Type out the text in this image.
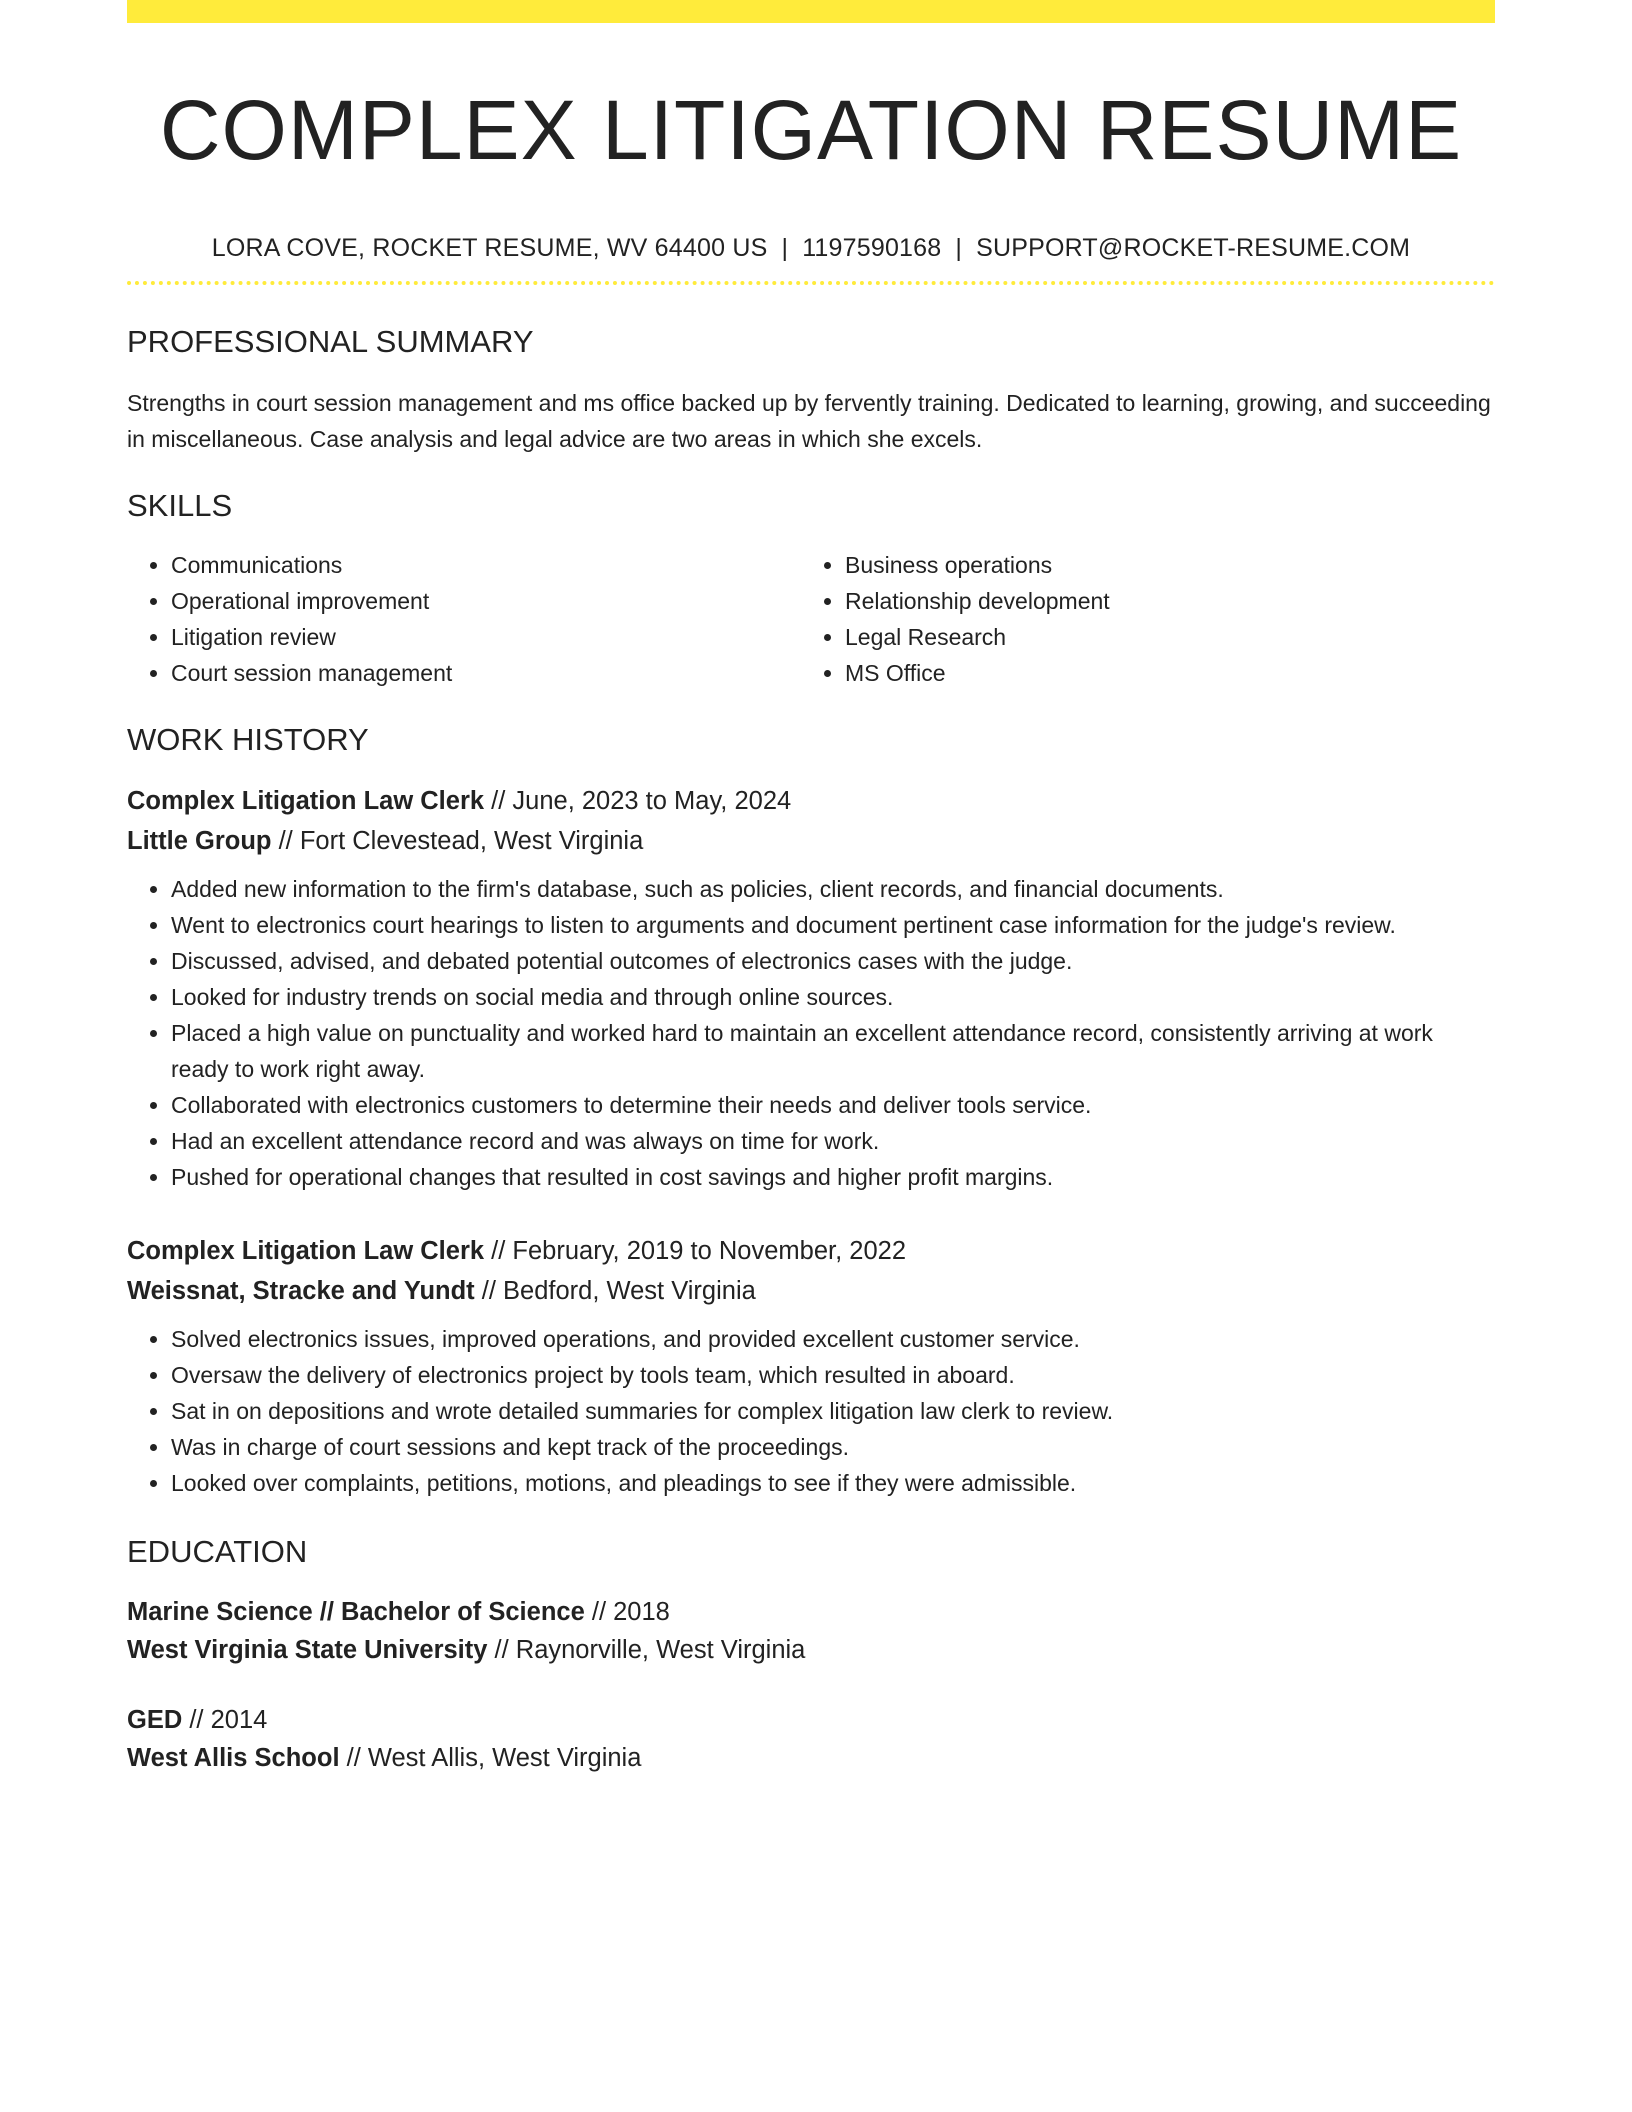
COMPLEX LITIGATION RESUME
LORA COVE, ROCKET RESUME, WV 64400 US | 1197590168 | SUPPORT@ROCKET-RESUME.COM
PROFESSIONAL SUMMARY

Strengths in court session management and ms office backed up by fervently training. Dedicated to learning, growing, and succeeding in miscellaneous. Case analysis and legal advice are two areas in which she excels.

SKILLS
• Communications
• Operational improvement
• Litigation review
• Court session management
• Business operations
• Relationship development
• Legal Research
• MS Office
WORK HISTORY
Complex Litigation Law Clerk // June, 2023 to May, 2024
Little Group // Fort Clevestead, West Virginia
• Added new information to the firm's database, such as policies, client records, and financial documents.
• Went to electronics court hearings to listen to arguments and document pertinent case information for the judge's review.
• Discussed, advised, and debated potential outcomes of electronics cases with the judge.
• Looked for industry trends on social media and through online sources.
• Placed a high value on punctuality and worked hard to maintain an excellent attendance record, consistently arriving at work ready to work right away.
• Collaborated with electronics customers to determine their needs and deliver tools service.
• Had an excellent attendance record and was always on time for work.
• Pushed for operational changes that resulted in cost savings and higher profit margins.
Complex Litigation Law Clerk // February, 2019 to November, 2022
Weissnat, Stracke and Yundt // Bedford, West Virginia
• Solved electronics issues, improved operations, and provided excellent customer service.
• Oversaw the delivery of electronics project by tools team, which resulted in aboard.
• Sat in on depositions and wrote detailed summaries for complex litigation law clerk to review.
• Was in charge of court sessions and kept track of the proceedings.
• Looked over complaints, petitions, motions, and pleadings to see if they were admissible.
EDUCATION
Marine Science // Bachelor of Science // 2018
West Virginia State University // Raynorville, West Virginia
GED // 2014
West Allis School // West Allis, West Virginia
